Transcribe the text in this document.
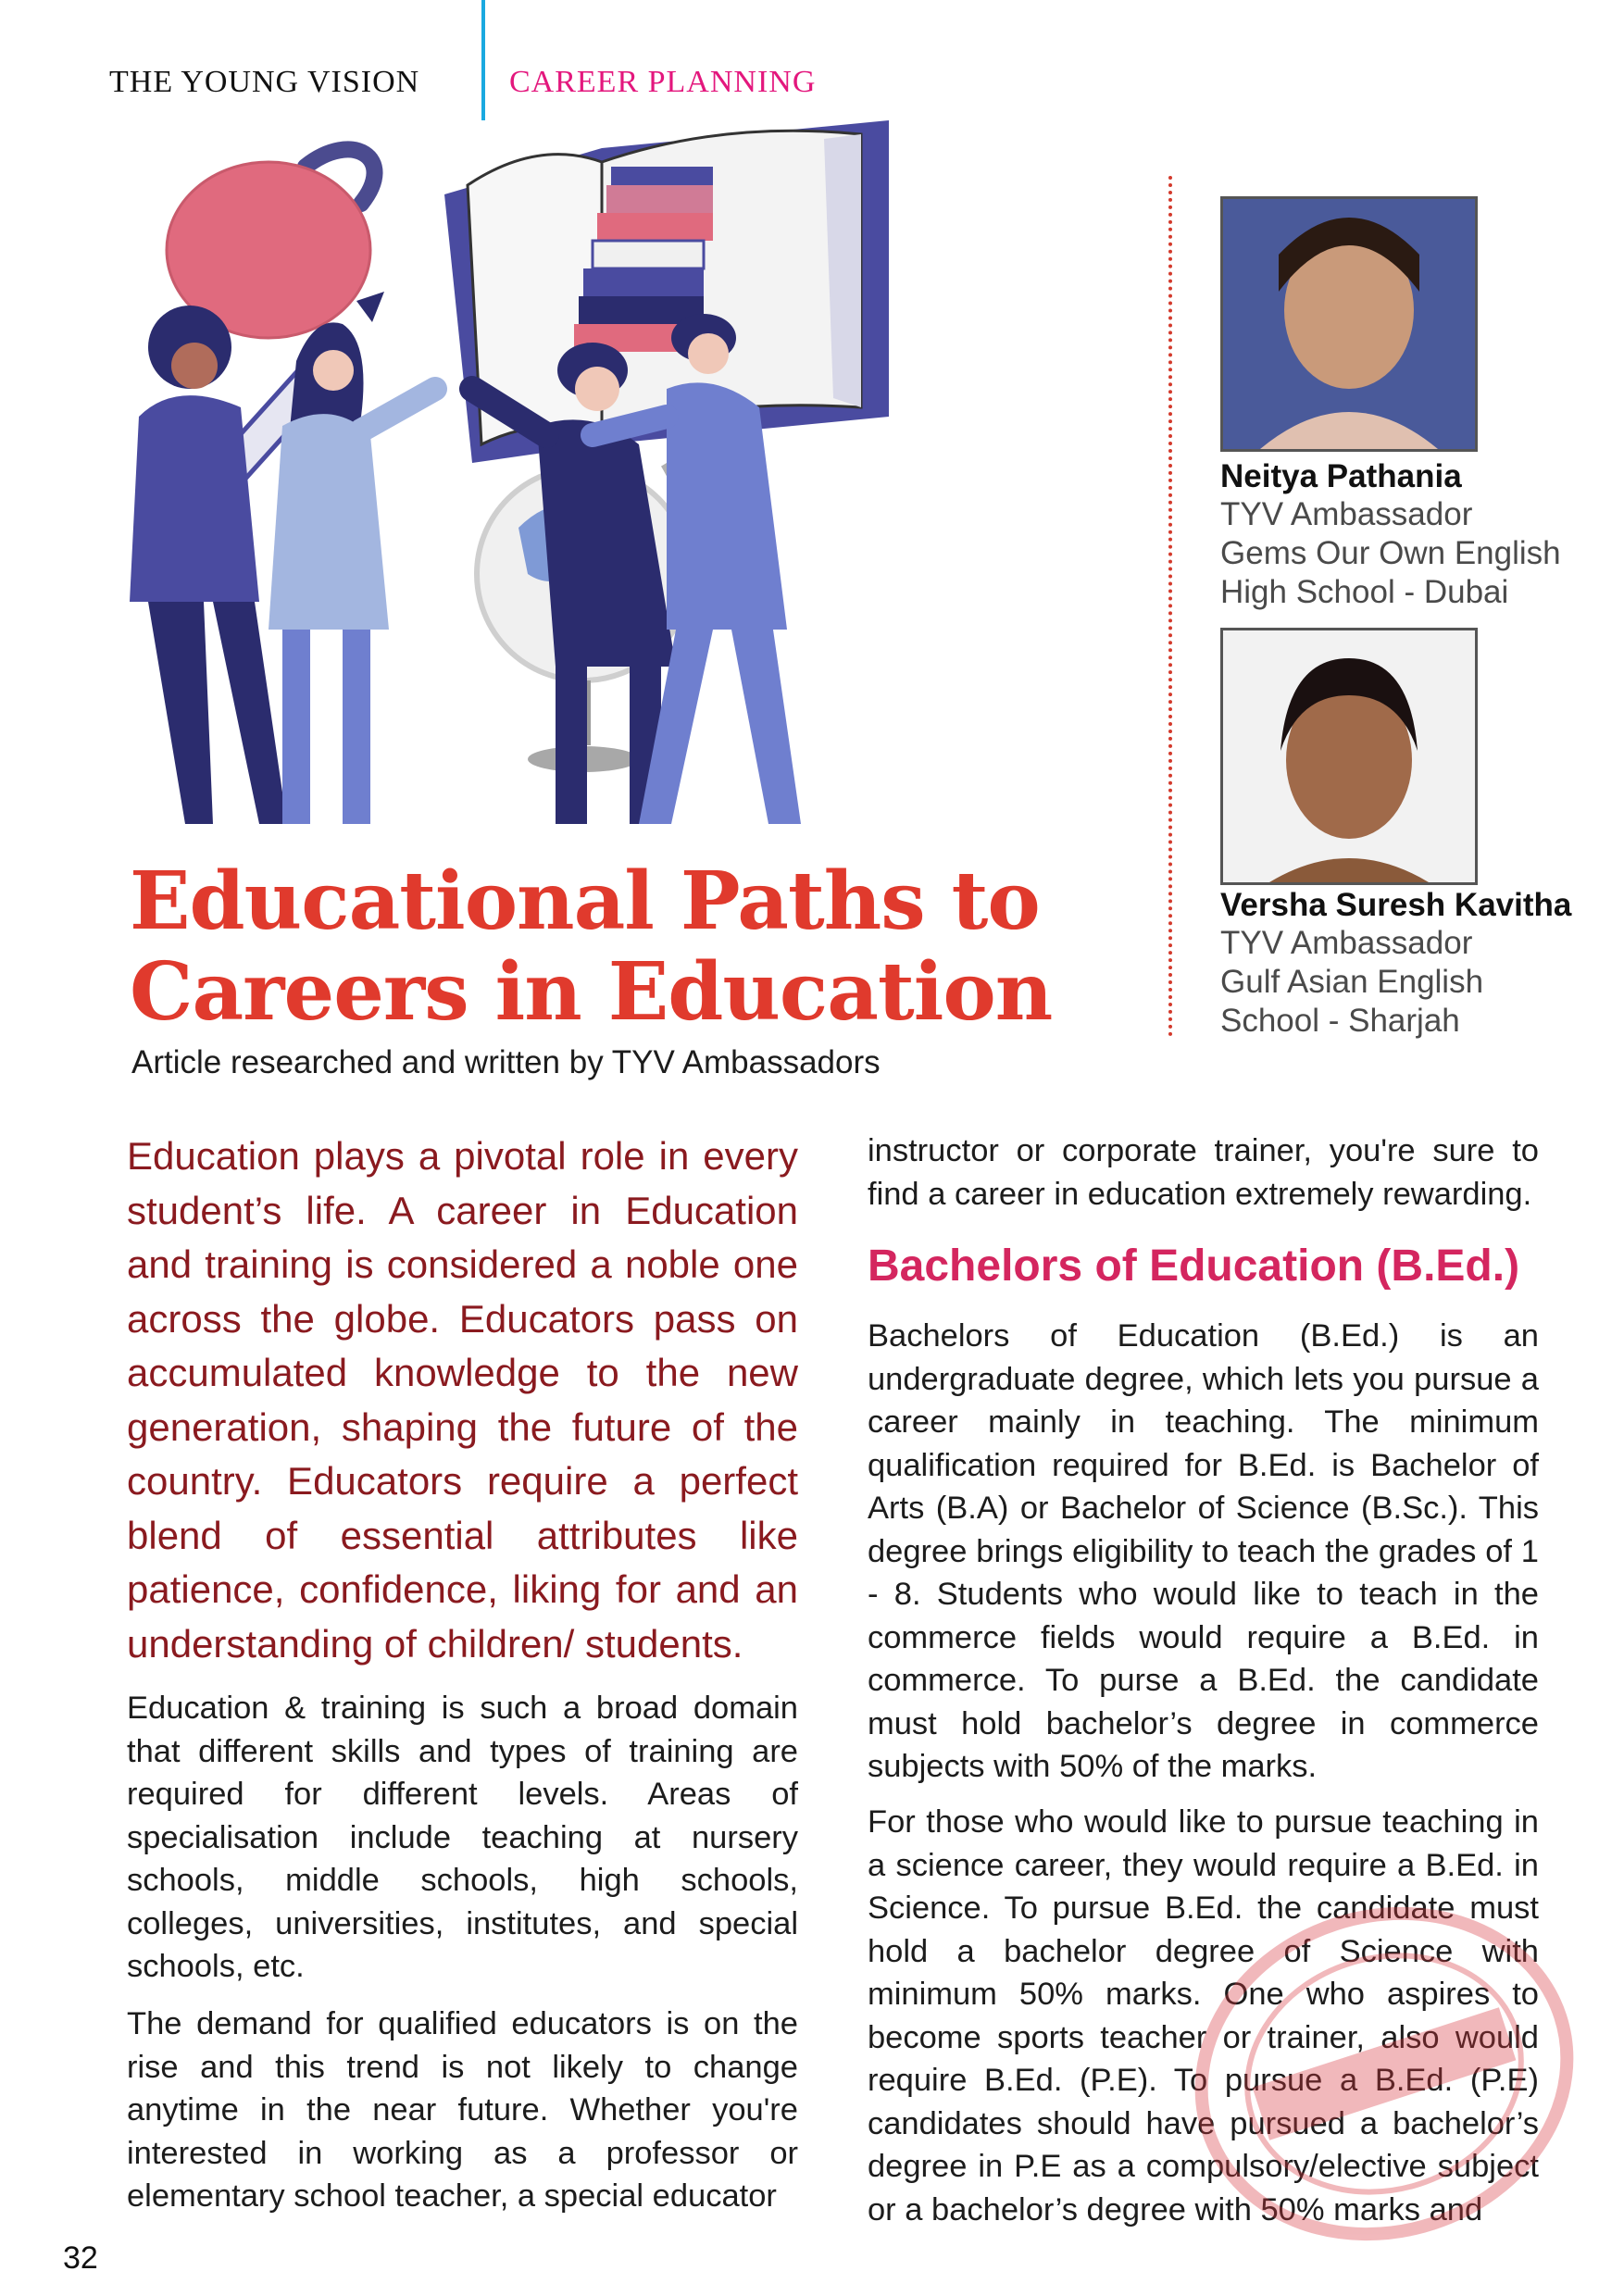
THE YOUNG VISION	CAREER PLANNING
Neitya Pathania
TYV Ambassador
Gems Our Own English
High School - Dubai
Versha Suresh Kavitha
TYV Ambassador
Gulf Asian English
School - Sharjah
Educational Paths to
Careers in Education
Article researched and written by TYV Ambassadors
Education plays a pivotal role in every student’s life. A career in Education and training is considered a noble one across the globe. Educators pass on accumulated knowledge to the new generation, shaping the future of the country. Educators require a perfect blend of essential attributes like patience, confidence, liking for and an understanding of children/ students.
Education & training is such a broad domain that different skills and types of training are required for different levels. Areas of specialisation include teaching at nursery schools, middle schools, high schools, colleges, universities, institutes, and special schools, etc.
The demand for qualified educators is on the rise and this trend is not likely to change anytime in the near future. Whether you're interested in working as a professor or elementary school teacher, a special educator
instructor or corporate trainer, you're sure to find a career in education extremely rewarding.
Bachelors of Education (B.Ed.)
Bachelors of Education (B.Ed.) is an undergraduate degree, which lets you pursue a career mainly in teaching. The minimum qualification required for B.Ed. is Bachelor of Arts (B.A) or Bachelor of Science (B.Sc.). This degree brings eligibility to teach the grades of 1 - 8. Students who would like to teach in the commerce fields would require a B.Ed. in commerce. To purse a B.Ed. the candidate must hold bachelor’s degree in commerce subjects with 50% of the marks.
For those who would like to pursue teaching in a science career, they would require a B.Ed. in Science. To pursue B.Ed. the candidate must hold a bachelor degree of Science with minimum 50% marks. One who aspires to become sports teacher or trainer, also would require B.Ed. (P.E). To pursue a B.Ed. (P.E) candidates should have pursued a bachelor’s degree in P.E as a compulsory/elective subject or a bachelor’s degree with 50% marks and
32
